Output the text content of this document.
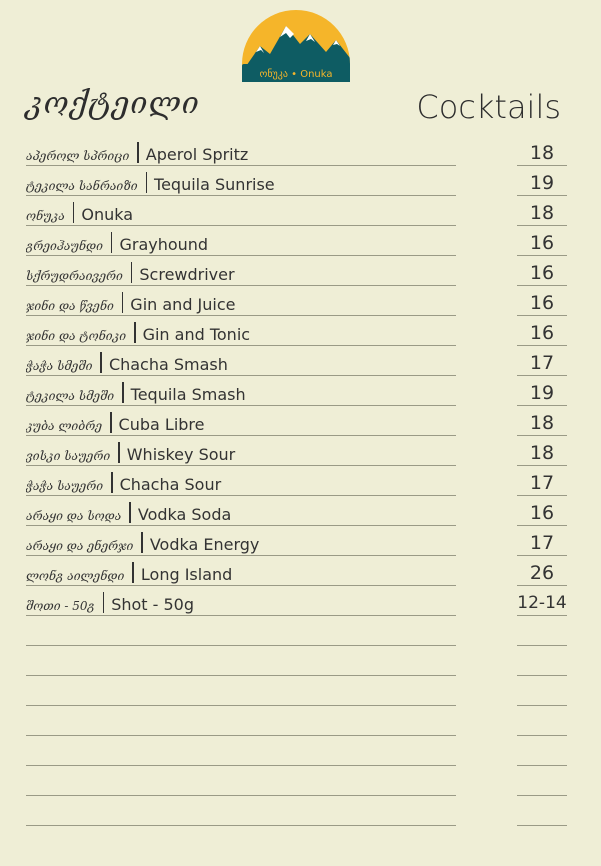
ონუკა • Onuka
კოქტეილი	Cocktails
აპეროლ სპრიცი Aperol Spritz	18
ტეკილა სანრაიზი Tequila Sunrise	19
ონუკა Onuka	18
გრეიჰაუნდი Grayhound	16
სქრუდრაივერი Screwdriver	16
ჯინი და წვენი Gin and Juice	16
ჯინი და ტონიკი Gin and Tonic	16
ჭაჭა სმეში Chacha Smash	17
ტეკილა სმეში Tequila Smash	19
კუბა ლიბრე Cuba Libre	18
ვისკი საუერი Whiskey Sour	18
ჭაჭა საუერი Chacha Sour	17
არაყი და სოდა Vodka Soda	16
არაყი და ენერჯი Vodka Energy	17
ლონგ აილენდი Long Island	26
შოთი - 50გ Shot - 50g	12-14
